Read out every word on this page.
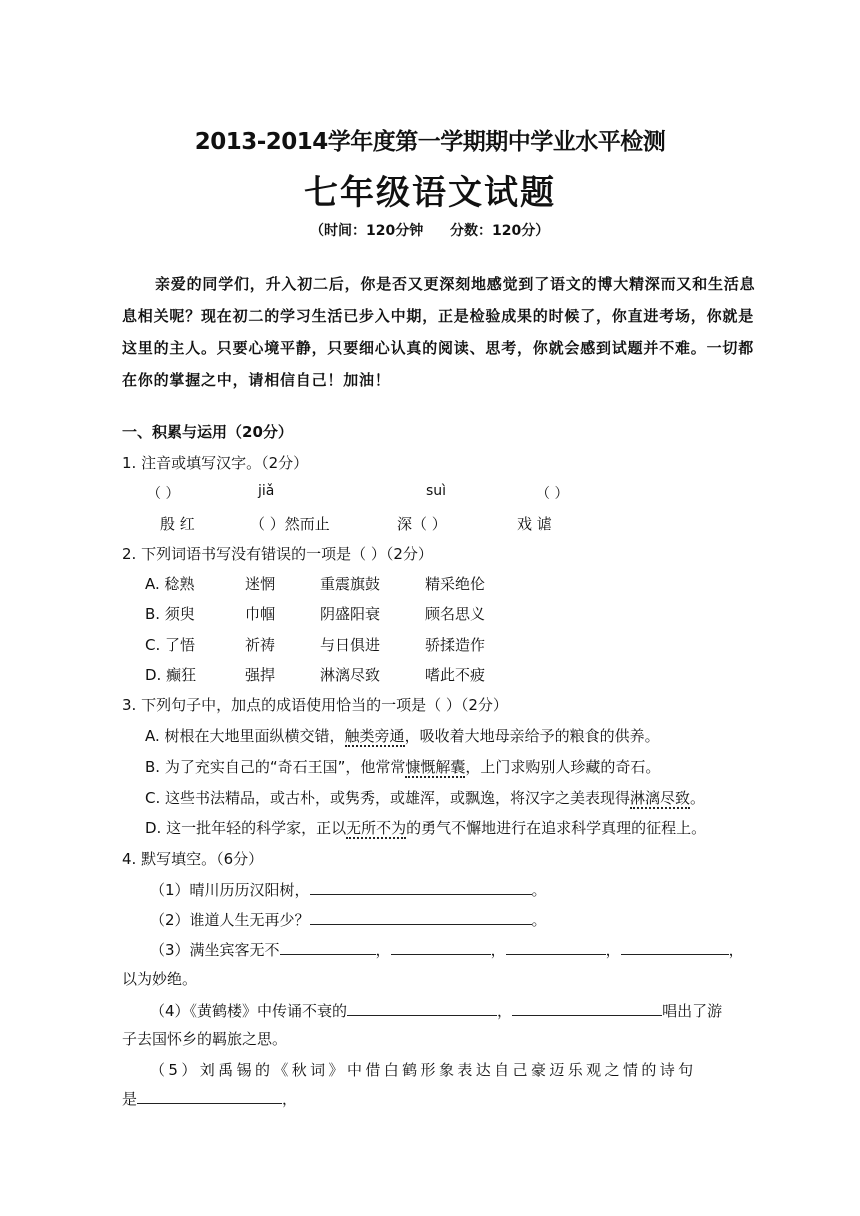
2013-2014学年度第一学期期中学业水平检测
七年级语文试题
（时间：120分钟 分数：120分）
亲爱的同学们，升入初二后，你是否又更深刻地感觉到了语文的博大精深而又和生活息
息相关呢？现在初二的学习生活已步入中期，正是检验成果的时候了，你直进考场，你就是
这里的主人。只要心境平静，只要细心认真的阅读、思考，你就会感到试题并不难。一切都
在你的掌握之中，请相信自己！加油！
一、积累与运用（20分）
1. 注音或填写汉字。（2分）
（ ）	jiǎ	suì	（ ）
殷 红	（ ）然而止	深（ ）	戏 谑
2. 下列词语书写没有错误的一项是（ ）（2分）
A. 稔熟	迷惘	重震旗鼓	精采绝伦
B. 须臾	巾帼	阴盛阳衰	顾名思义
C. 了悟	祈祷	与日俱进	骄揉造作
D. 癫狂	强捍	淋漓尽致	嗜此不疲
3. 下列句子中，加点的成语使用恰当的一项是（ ）（2分）
A. 树根在大地里面纵横交错，触类旁通，吸收着大地母亲给予的粮食的供养。
B. 为了充实自己的“奇石王国”，他常常慷慨解囊，上门求购别人珍藏的奇石。
C. 这些书法精品，或古朴，或隽秀，或雄浑，或飘逸，将汉字之美表现得淋漓尽致。
D. 这一批年轻的科学家，正以无所不为的勇气不懈地进行在追求科学真理的征程上。
4. 默写填空。（6分）
（1）晴川历历汉阳树，	。
（2）谁道人生无再少？	。
（3）满坐宾客无不	，	，	，	，
以为妙绝。
（4）《黄鹤楼》中传诵不衰的	，	唱出了游
子去国怀乡的羁旅之思。
（5）刘禹锡的《秋词》中借白鹤形象表达自己豪迈乐观之情的诗句
是	，
